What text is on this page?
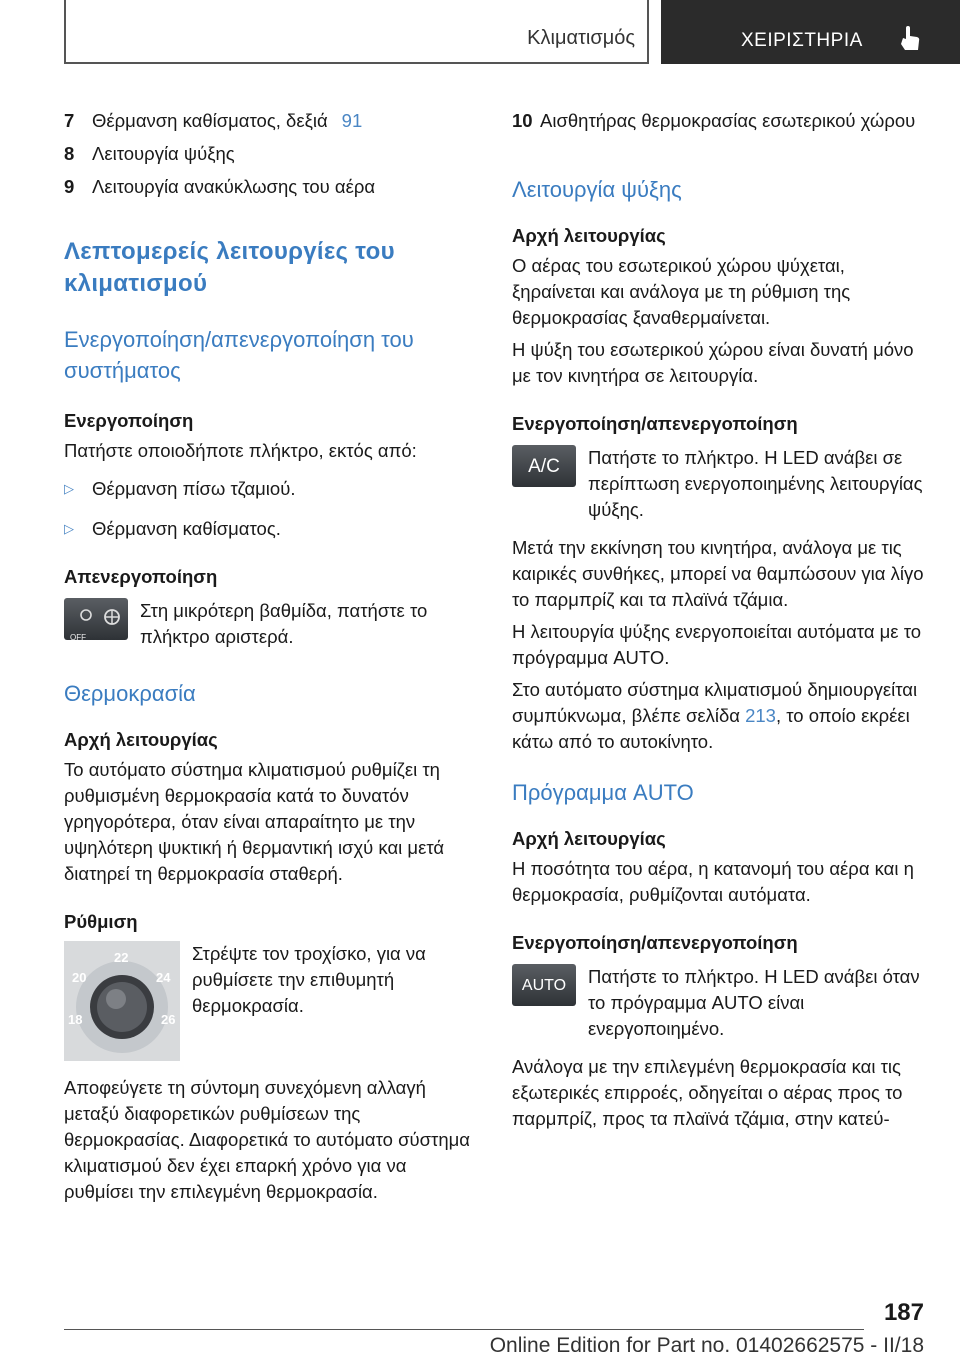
Κλιματισμός	ΧΕΙΡΙΣΤΗΡΙΑ
7 Θέρμανση καθίσματος, δεξιά 91
8 Λειτουργία ψύξης
9 Λειτουργία ανακύκλωσης του αέρα
Λεπτομερείς λειτουργίες του κλιματισμού
Ενεργοποίηση/απενεργοποίηση του συστήματος
Ενεργοποίηση

Πατήστε οποιοδήποτε πλήκτρο, εκτός από:

▷ Θέρμανση πίσω τζαμιού.
▷ Θέρμανση καθίσματος.
Απενεργοποίηση
OFF

Στη μικρότερη βαθμίδα, πατήστε το πλήκτρο αριστερά.

Θερμοκρασία
Αρχή λειτουργίας

Το αυτόματο σύστημα κλιματισμού ρυθμίζει τη ρυθμισμένη θερμοκρασία κατά το δυνατόν γρηγορότερα, όταν είναι απαραίτητο με την υψηλότερη ψυκτική ή θερμαντική ισχύ και μετά διατηρεί τη θερμοκρασία σταθερή.

Ρύθμιση
18
20
22
24
26

Στρέψτε τον τροχίσκο, για να ρυθμίσετε την επιθυμητή θερμοκρασία.

Αποφεύγετε τη σύντομη συνεχόμενη αλλαγή μεταξύ διαφορετικών ρυθμίσεων της θερμοκρασίας. Διαφορετικά το αυτόματο σύστημα κλιματισμού δεν έχει επαρκή χρόνο για να ρυθμίσει την επιλεγμένη θερμοκρασία.

10 Αισθητήρας θερμοκρασίας εσωτερικού χώρου
Λειτουργία ψύξης
Αρχή λειτουργίας

Ο αέρας του εσωτερικού χώρου ψύχεται, ξηραίνεται και ανάλογα με τη ρύθμιση της θερμοκρασίας ξαναθερμαίνεται.

Η ψύξη του εσωτερικού χώρου είναι δυνατή μόνο με τον κινητήρα σε λειτουργία.

Ενεργοποίηση/απενεργοποίηση
A/C	Πατήστε το πλήκτρο. Η LED ανάβει σε περίπτωση ενεργοποιημένης λειτουργίας ψύξης.

Μετά την εκκίνηση του κινητήρα, ανάλογα με τις καιρικές συνθήκες, μπορεί να θαμπώσουν για λίγο το παρμπρίζ και τα πλαϊνά τζάμια.

Η λειτουργία ψύξης ενεργοποιείται αυτόματα με το πρόγραμμα AUTO.

Στο αυτόματο σύστημα κλιματισμού δημιουργείται συμπύκνωμα, βλέπε σελίδα 213, το οποίο εκρέει κάτω από το αυτοκίνητο.

Πρόγραμμα AUTO
Αρχή λειτουργίας

Η ποσότητα του αέρα, η κατανομή του αέρα και η θερμοκρασία, ρυθμίζονται αυτόματα.

Ενεργοποίηση/απενεργοποίηση
AUTO	Πατήστε το πλήκτρο. Η LED ανάβει όταν το πρόγραμμα AUTO είναι ενεργοποιημένο.

Ανάλογα με την επιλεγμένη θερμοκρασία και τις εξωτερικές επιρροές, οδηγείται ο αέρας προς το παρμπρίζ, προς τα πλαϊνά τζάμια, στην κατεύ-

187
Online Edition for Part no. 01402662575 - II/18
